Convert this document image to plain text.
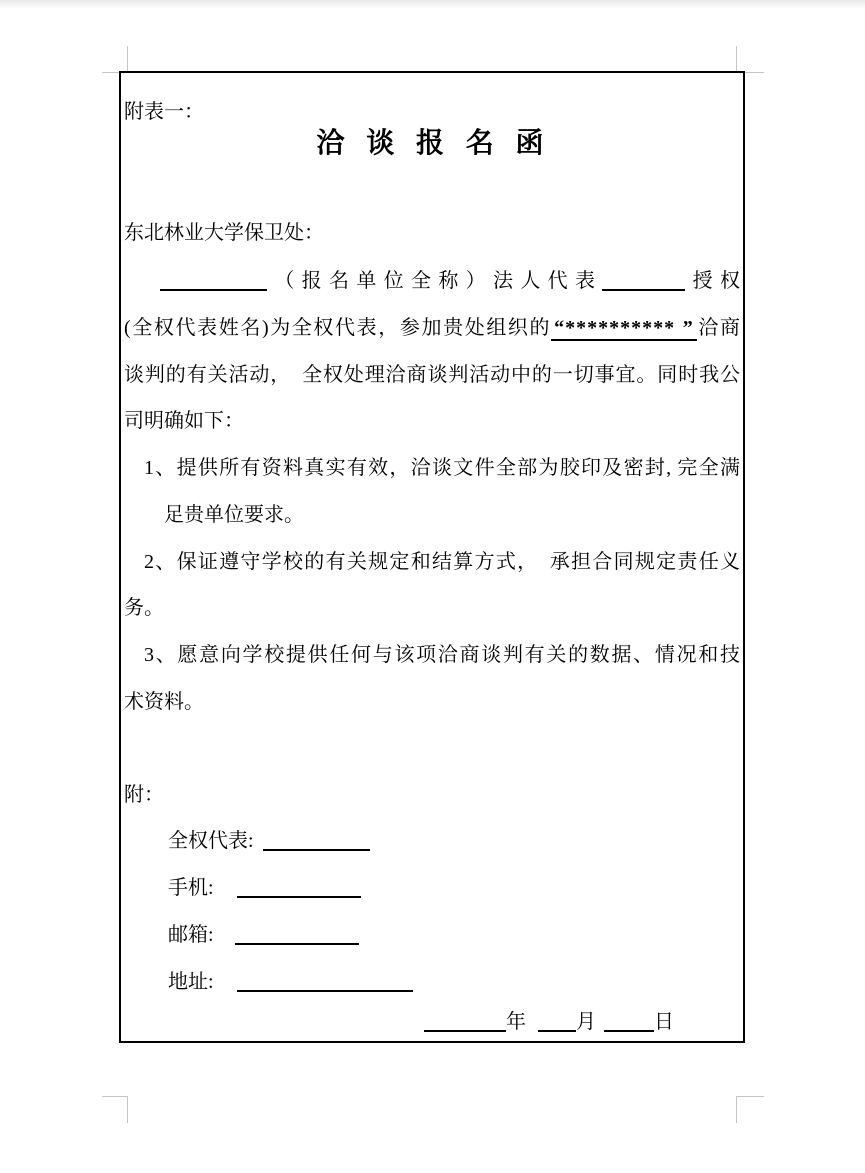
附表一：
洽 谈 报 名 函
东北林业大学保卫处：
（报名单位全称）法人代表	授权
(全权代表姓名)为全权代表，参加贵处组织的 “********** ” 洽商
谈判的有关活动，　全权处理洽商谈判活动中的一切事宜。同时我公
司明确如下：
1、提供所有资料真实有效，洽谈文件全部为胶印及密封, 完全满
足贵单位要求。
2、保证遵守学校的有关规定和结算方式，　承担合同规定责任义
务。
3、愿意向学校提供任何与该项洽商谈判有关的数据、情况和技
术资料。
附：
全权代表:
手机:
邮箱:
地址:
年	月	日
